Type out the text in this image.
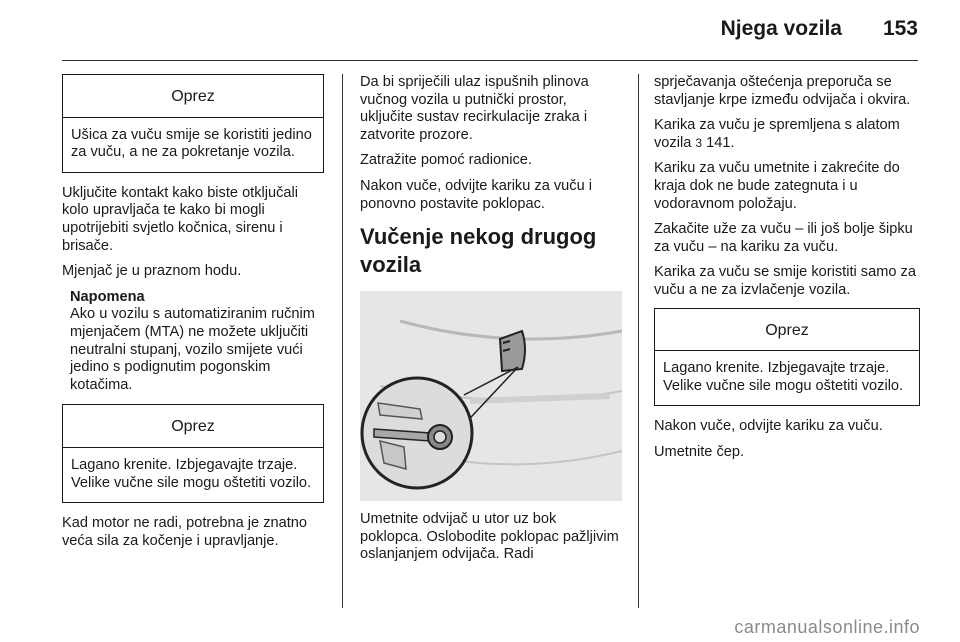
Njega vozila 153
Oprez
Ušica za vuču smije se koristiti jedino za vuču, a ne za pokretanje vozila.

Uključite kontakt kako biste otključali kolo upravljača te kako bi mogli upotrijebiti svjetlo kočnica, sirenu i brisače.

Mjenjač je u praznom hodu.

Napomena
Ako u vozilu s automatiziranim ručnim mjenjačem (MTA) ne možete uključiti neutralni stupanj, vozilo smijete vući jedino s podignutim pogonskim kotačima.
Oprez
Lagano krenite. Izbjegavajte trzaje. Velike vučne sile mogu oštetiti vozilo.

Kad motor ne radi, potrebna je znatno veća sila za kočenje i upravljanje.

Da bi spriječili ulaz ispušnih plinova vučnog vozila u putnički prostor, uključite sustav recirkulacije zraka i zatvorite prozore.

Zatražite pomoć radionice.

Nakon vuče, odvijte kariku za vuču i ponovno postavite poklopac.

Vučenje nekog drugog vozila

Umetnite odvijač u utor uz bok poklopca. Oslobodite poklopac pažljivim oslanjanjem odvijača. Radi

sprječavanja oštećenja preporuča se stavljanje krpe između odvijača i okvira.

Karika za vuču je spremljena s alatom vozila 3 141.

Kariku za vuču umetnite i zakrećite do kraja dok ne bude zategnuta i u vodoravnom položaju.

Zakačite uže za vuču – ili još bolje šipku za vuču – na kariku za vuču.

Karika za vuču se smije koristiti samo za vuču a ne za izvlačenje vozila.

Oprez
Lagano krenite. Izbjegavajte trzaje. Velike vučne sile mogu oštetiti vozilo.

Nakon vuče, odvijte kariku za vuču.

Umetnite čep.

carmanualsonline.info
